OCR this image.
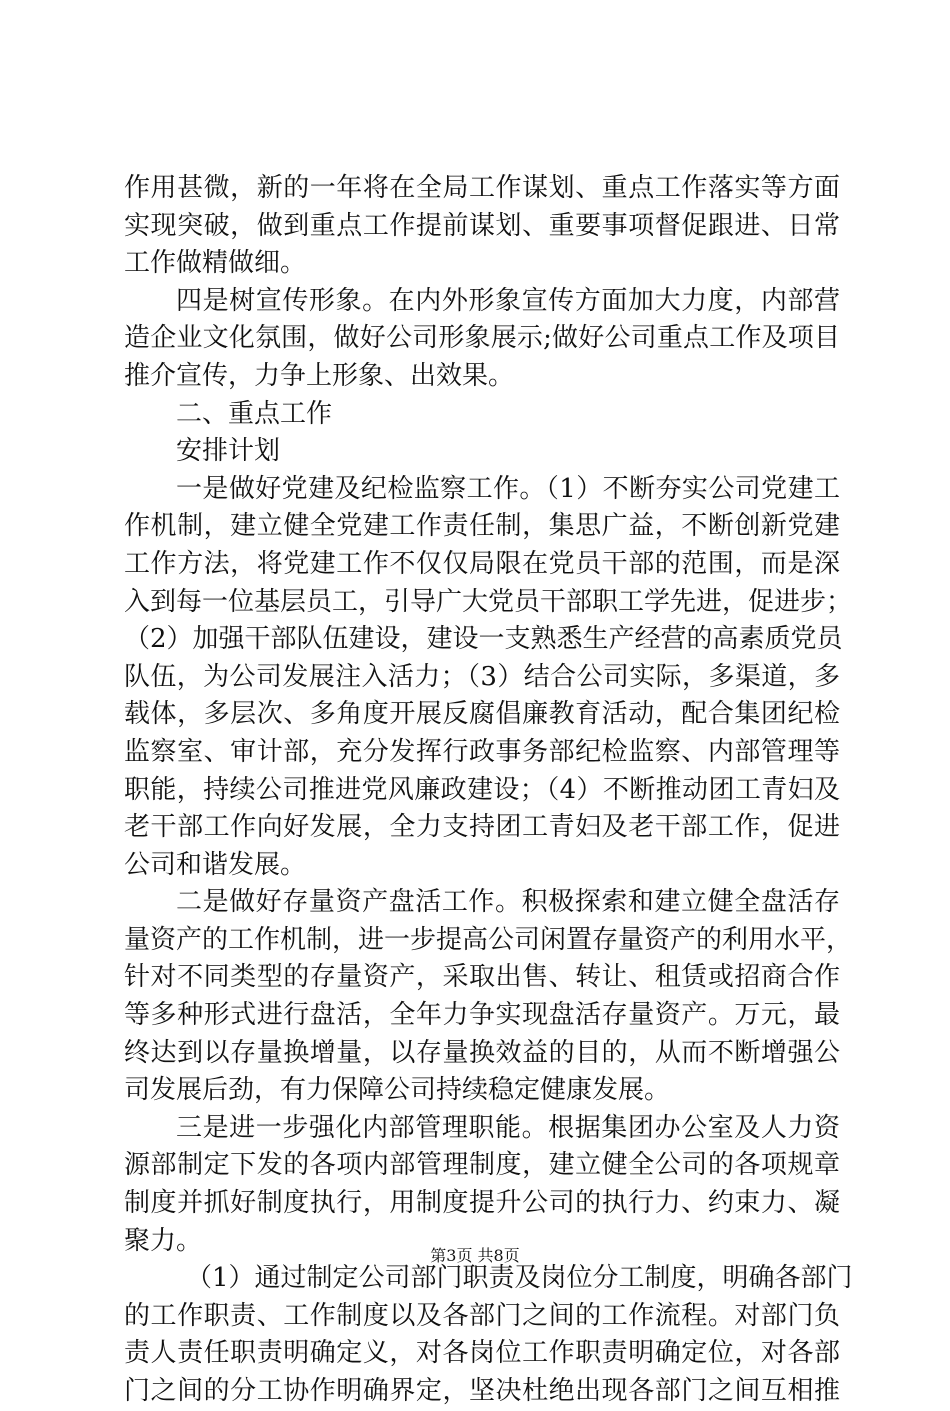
作用甚微，新的一年将在全局工作谋划、重点工作落实等方面
实现突破，做到重点工作提前谋划、重要事项督促跟进、日常
工作做精做细。
四是树宣传形象。在内外形象宣传方面加大力度，内部营
造企业文化氛围，做好公司形象展示;做好公司重点工作及项目
推介宣传，力争上形象、出效果。
二、重点工作
安排计划
一是做好党建及纪检监察工作。（1）不断夯实公司党建工
作机制，建立健全党建工作责任制，集思广益，不断创新党建
工作方法，将党建工作不仅仅局限在党员干部的范围，而是深
入到每一位基层员工，引导广大党员干部职工学先进，促进步；
（2）加强干部队伍建设，建设一支熟悉生产经营的高素质党员
队伍，为公司发展注入活力；（3）结合公司实际，多渠道，多
载体，多层次、多角度开展反腐倡廉教育活动，配合集团纪检
监察室、审计部，充分发挥行政事务部纪检监察、内部管理等
职能，持续公司推进党风廉政建设；（4）不断推动团工青妇及
老干部工作向好发展，全力支持团工青妇及老干部工作，促进
公司和谐发展。
二是做好存量资产盘活工作。积极探索和建立健全盘活存
量资产的工作机制，进一步提高公司闲置存量资产的利用水平，
针对不同类型的存量资产，采取出售、转让、租赁或招商合作
等多种形式进行盘活，全年力争实现盘活存量资产。万元，最
终达到以存量换增量，以存量换效益的目的，从而不断增强公
司发展后劲，有力保障公司持续稳定健康发展。
三是进一步强化内部管理职能。根据集团办公室及人力资
源部制定下发的各项内部管理制度，建立健全公司的各项规章
制度并抓好制度执行，用制度提升公司的执行力、约束力、凝
聚力。
（1）通过制定公司部门职责及岗位分工制度，明确各部门
的工作职责、工作制度以及各部门之间的工作流程。对部门负
责人责任职责明确定义，对各岗位工作职责明确定位，对各部
门之间的分工协作明确界定，坚决杜绝出现各部门之间互相推
第3页 共8页
